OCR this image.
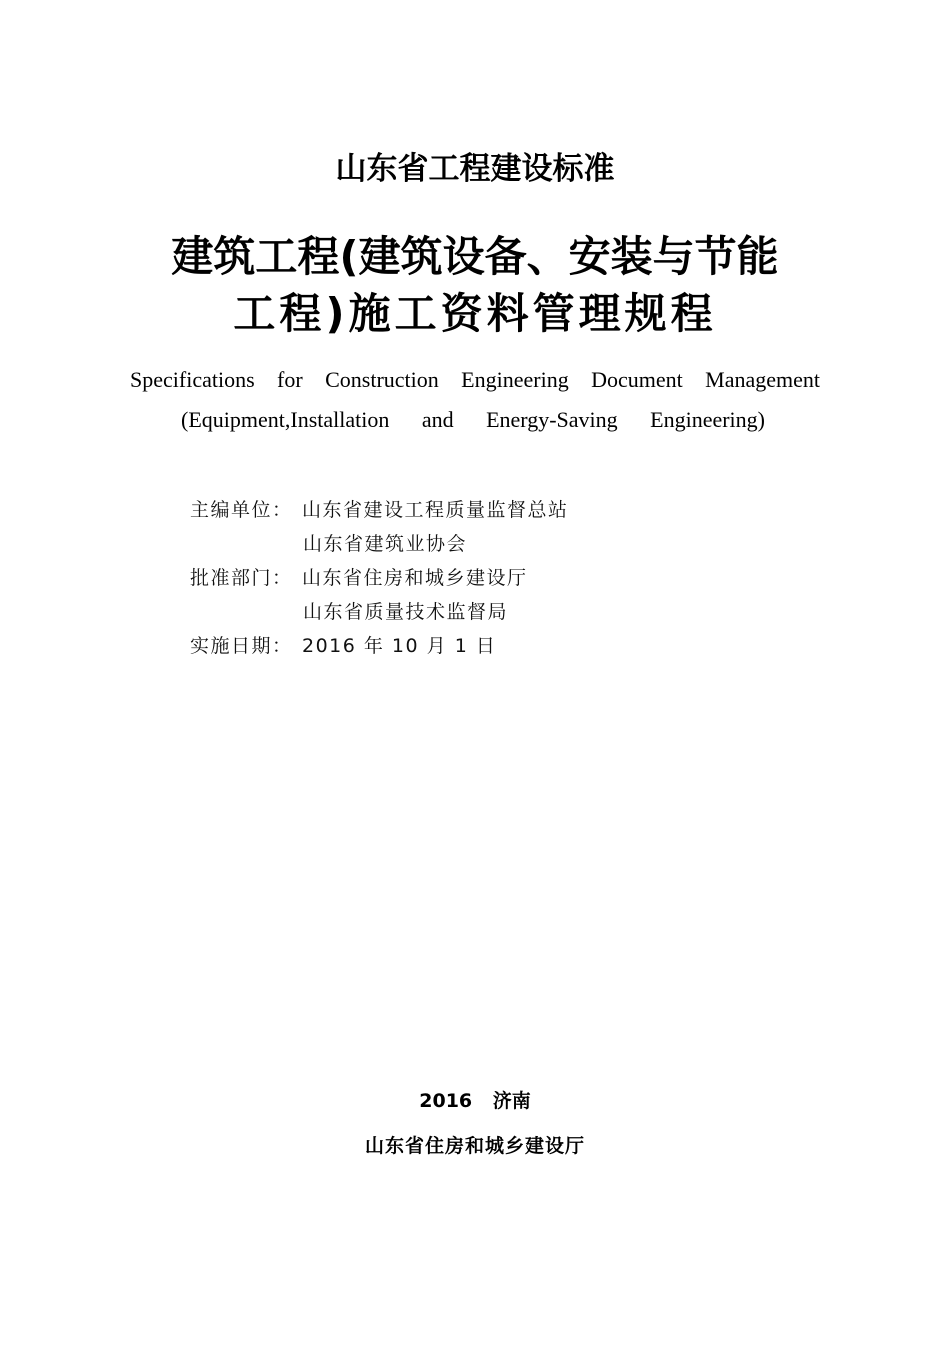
山东省工程建设标准
建筑工程(建筑设备、安装与节能
工程)施工资料管理规程
Specifications for Construction Engineering Document Management
(Equipment,Installation and Energy-Saving Engineering)
主编单位： 山东省建设工程质量监督总站
山东省建筑业协会
批准部门： 山东省住房和城乡建设厅
山东省质量技术监督局
实施日期： 2016 年 10 月 1 日
2016 济南
山东省住房和城乡建设厅
